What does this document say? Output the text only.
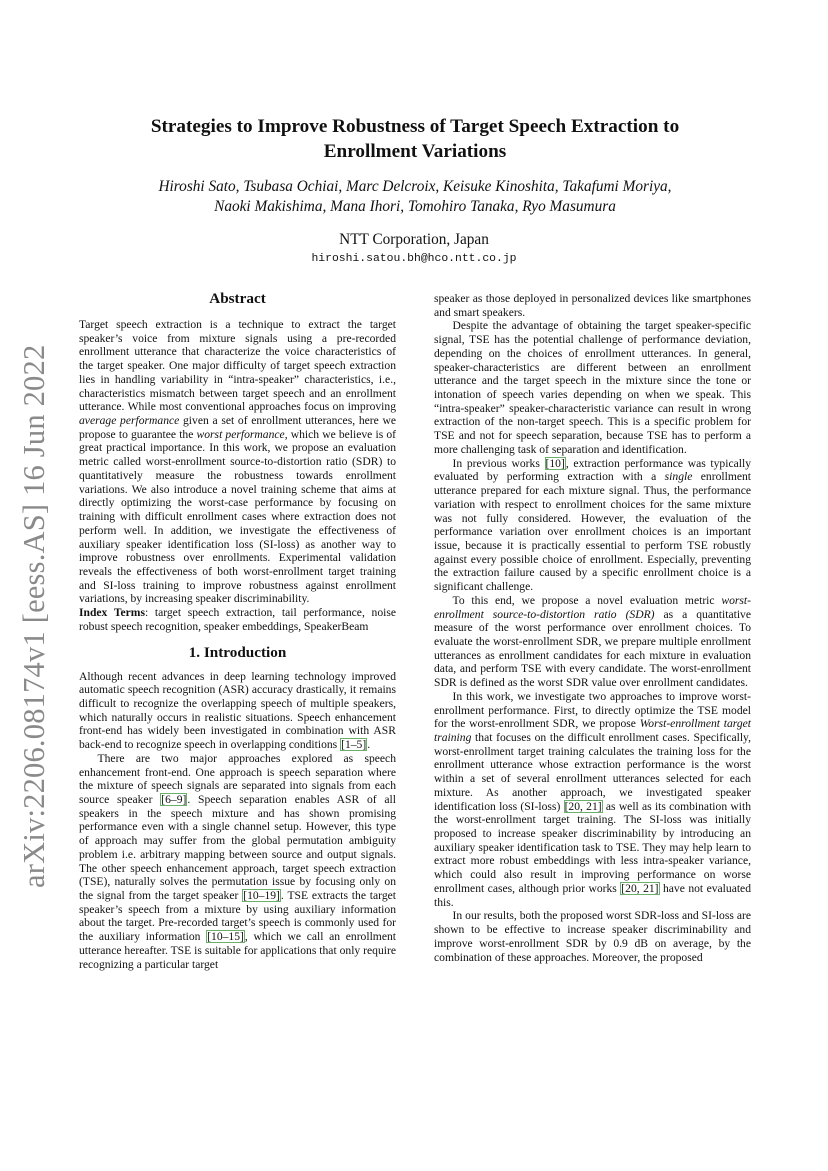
arXiv:2206.08174v1 [eess.AS] 16 Jun 2022
Strategies to Improve Robustness of Target Speech Extraction to
Enrollment Variations
Hiroshi Sato, Tsubasa Ochiai, Marc Delcroix, Keisuke Kinoshita, Takafumi Moriya,
Naoki Makishima, Mana Ihori, Tomohiro Tanaka, Ryo Masumura
NTT Corporation, Japan
hiroshi.satou.bh@hco.ntt.co.jp
Abstract

Target speech extraction is a technique to extract the target speaker’s voice from mixture signals using a pre-recorded enrollment utterance that characterize the voice characteristics of the target speaker. One major difficulty of target speech extraction lies in handling variability in “intra-speaker” characteristics, i.e., characteristics mismatch between target speech and an enrollment utterance. While most conventional approaches focus on improving average performance given a set of enrollment utterances, here we propose to guarantee the worst performance, which we believe is of great practical importance. In this work, we propose an evaluation metric called worst-enrollment source-to-distortion ratio (SDR) to quantitatively measure the robustness towards enrollment variations. We also introduce a novel training scheme that aims at directly optimizing the worst-case performance by focusing on training with difficult enrollment cases where extraction does not perform well. In addition, we investigate the effectiveness of auxiliary speaker identification loss (SI-loss) as another way to improve robustness over enrollments. Experimental validation reveals the effectiveness of both worst-enrollment target training and SI-loss training to improve robustness against enrollment variations, by increasing speaker discriminability.

Index Terms: target speech extraction, tail performance, noise robust speech recognition, speaker embeddings, SpeakerBeam

1. Introduction

Although recent advances in deep learning technology improved automatic speech recognition (ASR) accuracy drastically, it remains difficult to recognize the overlapping speech of multiple speakers, which naturally occurs in realistic situations. Speech enhancement front-end has widely been investigated in combination with ASR back-end to recognize speech in overlapping conditions [1–5].

There are two major approaches explored as speech enhancement front-end. One approach is speech separation where the mixture of speech signals are separated into signals from each source speaker [6–9]. Speech separation enables ASR of all speakers in the speech mixture and has shown promising performance even with a single channel setup. However, this type of approach may suffer from the global permutation ambiguity problem i.e. arbitrary mapping between source and output signals. The other speech enhancement approach, target speech extraction (TSE), naturally solves the permutation issue by focusing only on the signal from the target speaker [10–19]. TSE extracts the target speaker’s speech from a mixture by using auxiliary information about the target. Pre-recorded target’s speech is commonly used for the auxiliary information [10–15], which we call an enrollment utterance hereafter. TSE is suitable for applications that only require recognizing a particular target

speaker as those deployed in personalized devices like smartphones and smart speakers.

Despite the advantage of obtaining the target speaker-specific signal, TSE has the potential challenge of performance deviation, depending on the choices of enrollment utterances. In general, speaker-characteristics are different between an enrollment utterance and the target speech in the mixture since the tone or intonation of speech varies depending on when we speak. This “intra-speaker” speaker-characteristic variance can result in wrong extraction of the non-target speech. This is a specific problem for TSE and not for speech separation, because TSE has to perform a more challenging task of separation and identification.

In previous works [10], extraction performance was typically evaluated by performing extraction with a single enrollment utterance prepared for each mixture signal. Thus, the performance variation with respect to enrollment choices for the same mixture was not fully considered. However, the evaluation of the performance variation over enrollment choices is an important issue, because it is practically essential to perform TSE robustly against every possible choice of enrollment. Especially, preventing the extraction failure caused by a specific enrollment choice is a significant challenge.

To this end, we propose a novel evaluation metric worst-enrollment source-to-distortion ratio (SDR) as a quantitative measure of the worst performance over enrollment choices. To evaluate the worst-enrollment SDR, we prepare multiple enrollment utterances as enrollment candidates for each mixture in evaluation data, and perform TSE with every candidate. The worst-enrollment SDR is defined as the worst SDR value over enrollment candidates.

In this work, we investigate two approaches to improve worst-enrollment performance. First, to directly optimize the TSE model for the worst-enrollment SDR, we propose Worst-enrollment target training that focuses on the difficult enrollment cases. Specifically, worst-enrollment target training calculates the training loss for the enrollment utterance whose extraction performance is the worst within a set of several enrollment utterances selected for each mixture. As another approach, we investigated speaker identification loss (SI-loss) [20, 21] as well as its combination with the worst-enrollment target training. The SI-loss was initially proposed to increase speaker discriminability by introducing an auxiliary speaker identification task to TSE. They may help learn to extract more robust embeddings with less intra-speaker variance, which could also result in improving performance on worse enrollment cases, although prior works [20, 21] have not evaluated this.

In our results, both the proposed worst SDR-loss and SI-loss are shown to be effective to increase speaker discriminability and improve worst-enrollment SDR by 0.9 dB on average, by the combination of these approaches. Moreover, the proposed
